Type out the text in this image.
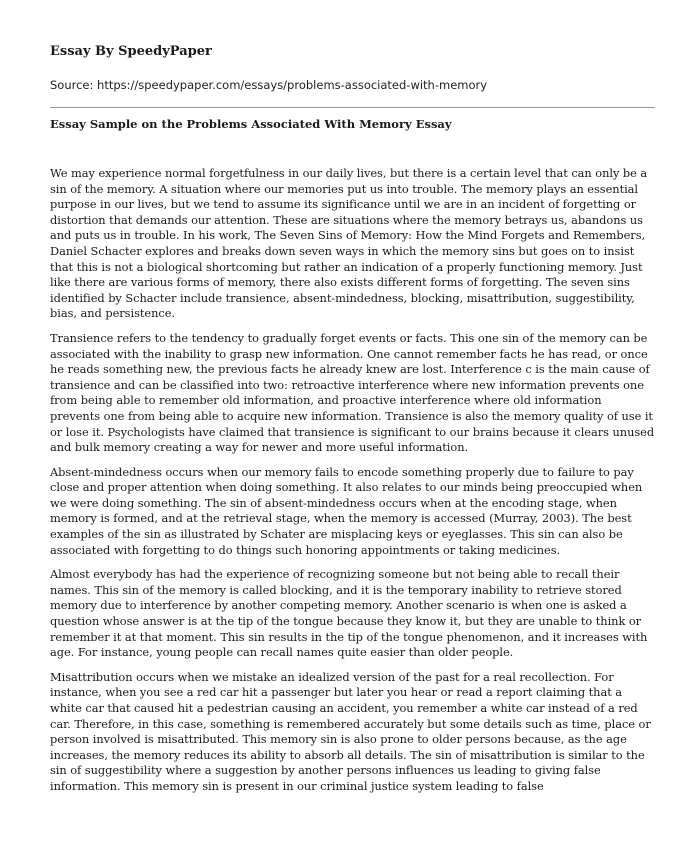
Essay By SpeedyPaper
Source: https://speedypaper.com/essays/problems-associated-with-memory
Essay Sample on the Problems Associated With Memory Essay

We may experience normal forgetfulness in our daily lives, but there is a certain level that can only be a sin of the memory. A situation where our memories put us into trouble. The memory plays an essential purpose in our lives, but we tend to assume its significance until we are in an incident of forgetting or distortion that demands our attention. These are situations where the memory betrays us, abandons us and puts us in trouble. In his work, The Seven Sins of Memory: How the Mind Forgets and Remembers, Daniel Schacter explores and breaks down seven ways in which the memory sins but goes on to insist that this is not a biological shortcoming but rather an indication of a properly functioning memory. Just like there are various forms of memory, there also exists different forms of forgetting. The seven sins identified by Schacter include transience, absent-mindedness, blocking, misattribution, suggestibility, bias, and persistence.

Transience refers to the tendency to gradually forget events or facts. This one sin of the memory can be associated with the inability to grasp new information. One cannot remember facts he has read, or once he reads something new, the previous facts he already knew are lost. Interference c is the main cause of transience and can be classified into two: retroactive interference where new information prevents one from being able to remember old information, and proactive interference where old information prevents one from being able to acquire new information. Transience is also the memory quality of use it or lose it. Psychologists have claimed that transience is significant to our brains because it clears unused and bulk memory creating a way for newer and more useful information.

Absent-mindedness occurs when our memory fails to encode something properly due to failure to pay close and proper attention when doing something. It also relates to our minds being preoccupied when we were doing something. The sin of absent-mindedness occurs when at the encoding stage, when memory is formed, and at the retrieval stage, when the memory is accessed (Murray, 2003). The best examples of the sin as illustrated by Schater are misplacing keys or eyeglasses. This sin can also be associated with forgetting to do things such honoring appointments or taking medicines.

Almost everybody has had the experience of recognizing someone but not being able to recall their names. This sin of the memory is called blocking, and it is the temporary inability to retrieve stored memory due to interference by another competing memory. Another scenario is when one is asked a question whose answer is at the tip of the tongue because they know it, but they are unable to think or remember it at that moment. This sin results in the tip of the tongue phenomenon, and it increases with age. For instance, young people can recall names quite easier than older people.

Misattribution occurs when we mistake an idealized version of the past for a real recollection. For instance, when you see a red car hit a passenger but later you hear or read a report claiming that a white car that caused hit a pedestrian causing an accident, you remember a white car instead of a red car. Therefore, in this case, something is remembered accurately but some details such as time, place or person involved is misattributed. This memory sin is also prone to older persons because, as the age increases, the memory reduces its ability to absorb all details. The sin of misattribution is similar to the sin of suggestibility where a suggestion by another persons influences us leading to giving false information. This memory sin is present in our criminal justice system leading to false
